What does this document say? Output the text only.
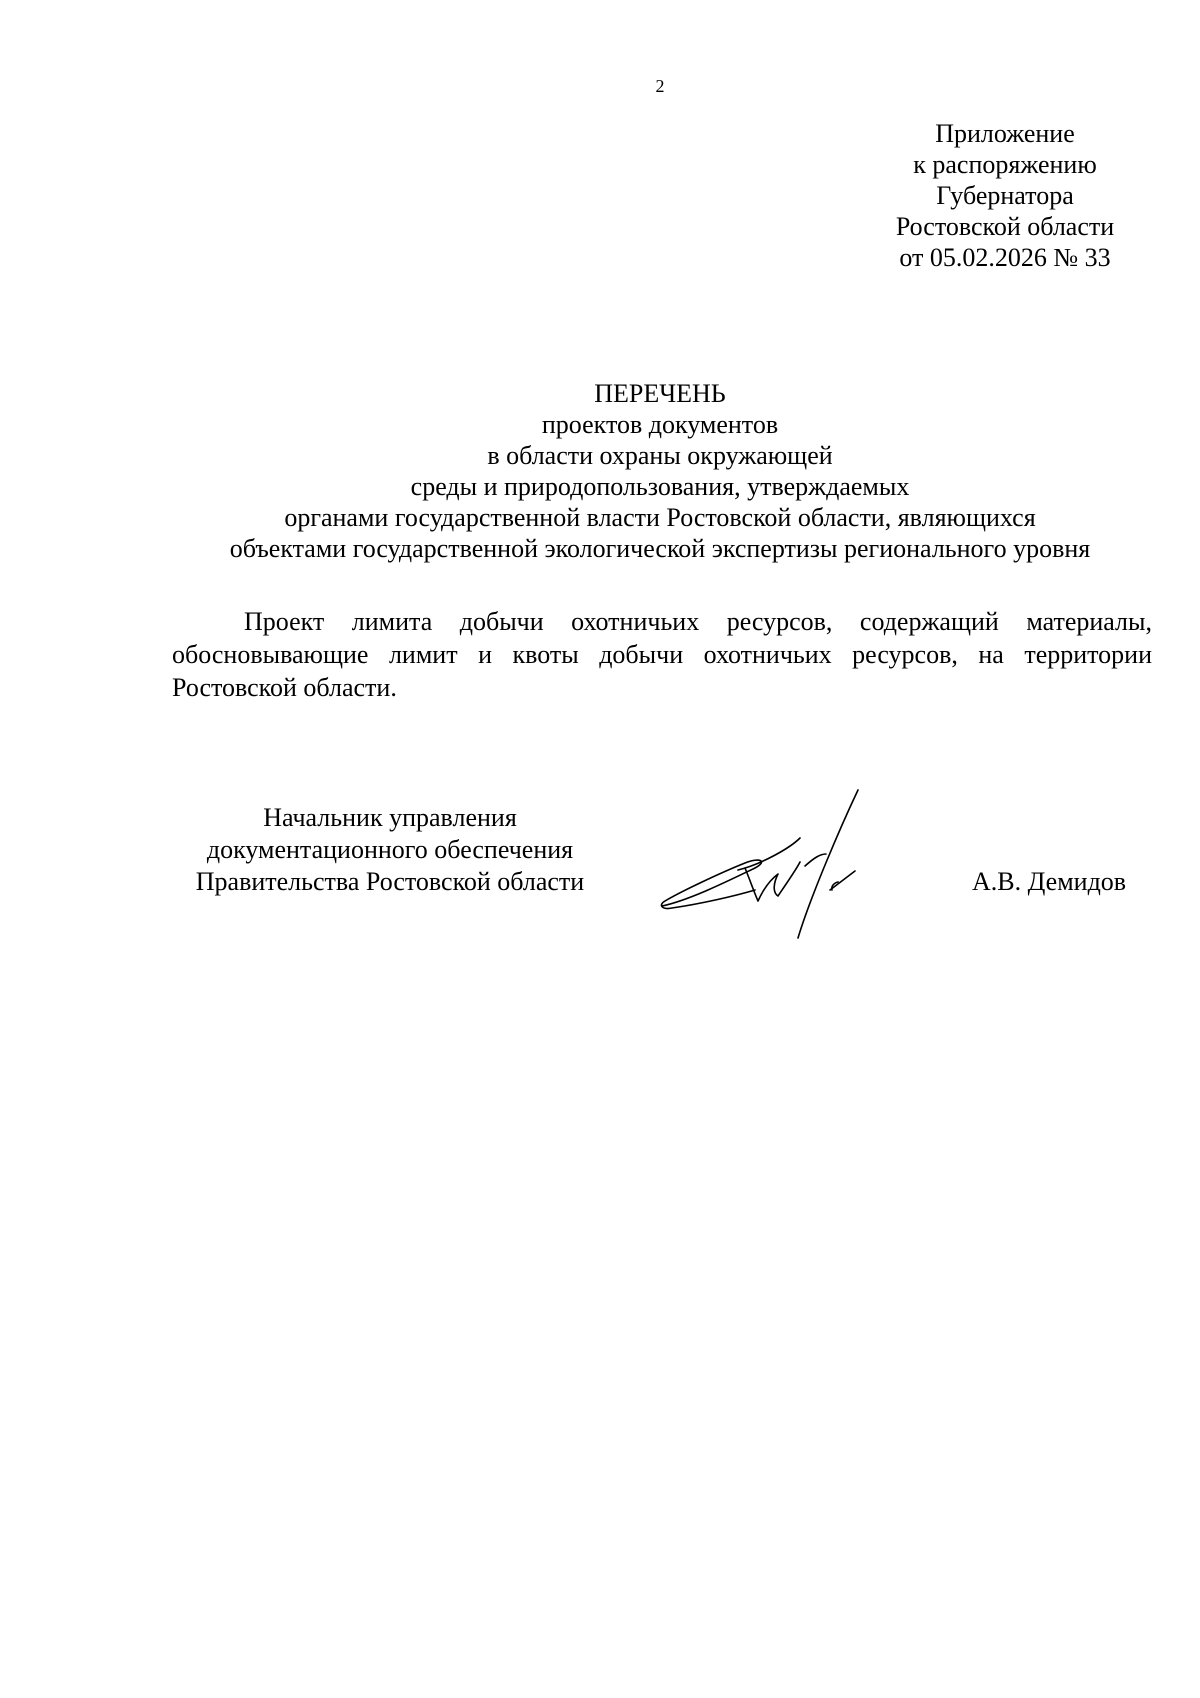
2
Приложение
к распоряжению
Губернатора
Ростовской области
от 05.02.2026 № 33
ПЕРЕЧЕНЬ
проектов документов
в области охраны окружающей
среды и природопользования, утверждаемых
органами государственной власти Ростовской области, являющихся
объектами государственной экологической экспертизы регионального уровня
Проект лимита добычи охотничьих ресурсов, содержащий материалы, обосновывающие лимит и квоты добычи охотничьих ресурсов, на территории Ростовской области.
Начальник управления
документационного обеспечения
Правительства Ростовской области	А.В. Демидов
